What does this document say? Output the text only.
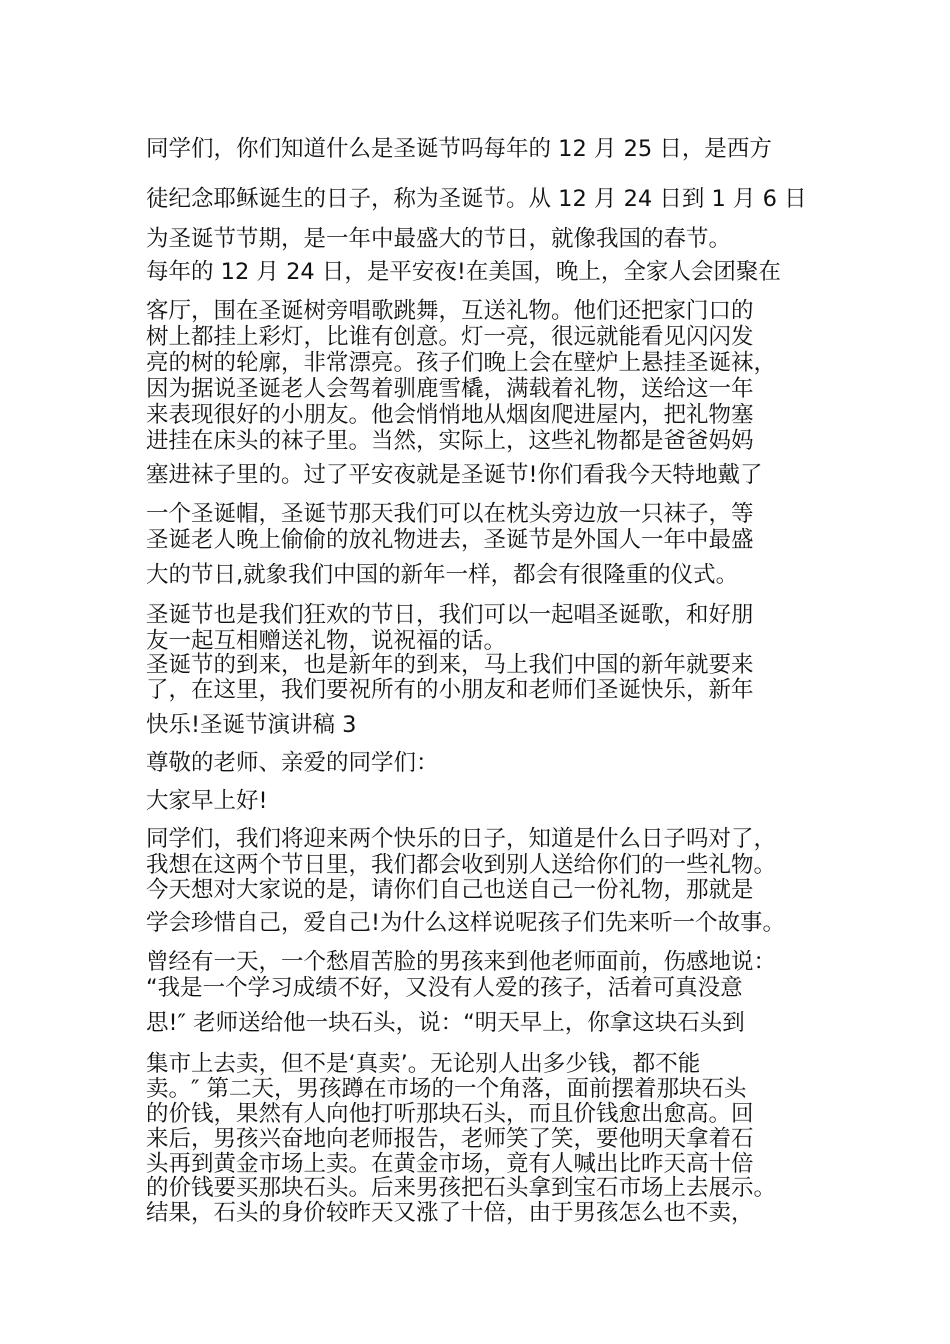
同学们，你们知道什么是圣诞节吗每年的 12 月 25 日，是西方
徒纪念耶稣诞生的日子，称为圣诞节。从 12 月 24 日到 1 月 6 日
为圣诞节节期，是一年中最盛大的节日，就像我国的春节。
每年的 12 月 24 日，是平安夜!在美国，晚上，全家人会团聚在
客厅，围在圣诞树旁唱歌跳舞，互送礼物。他们还把家门口的
树上都挂上彩灯，比谁有创意。灯一亮，很远就能看见闪闪发
亮的树的轮廓，非常漂亮。孩子们晚上会在壁炉上悬挂圣诞袜，
因为据说圣诞老人会驾着驯鹿雪橇，满载着礼物，送给这一年
来表现很好的小朋友。他会悄悄地从烟囱爬进屋内，把礼物塞
进挂在床头的袜子里。当然，实际上，这些礼物都是爸爸妈妈
塞进袜子里的。过了平安夜就是圣诞节!你们看我今天特地戴了
一个圣诞帽，圣诞节那天我们可以在枕头旁边放一只袜子，等
圣诞老人晚上偷偷的放礼物进去，圣诞节是外国人一年中最盛
大的节日,就象我们中国的新年一样，都会有很隆重的仪式。
圣诞节也是我们狂欢的节日，我们可以一起唱圣诞歌，和好朋
友一起互相赠送礼物，说祝福的话。
圣诞节的到来，也是新年的到来，马上我们中国的新年就要来
了，在这里，我们要祝所有的小朋友和老师们圣诞快乐，新年
快乐!圣诞节演讲稿 3
尊敬的老师、亲爱的同学们：
大家早上好!
同学们，我们将迎来两个快乐的日子，知道是什么日子吗对了，
我想在这两个节日里，我们都会收到别人送给你们的一些礼物。
今天想对大家说的是，请你们自己也送自己一份礼物，那就是
学会珍惜自己，爱自己!为什么这样说呢孩子们先来听一个故事。
曾经有一天，一个愁眉苦脸的男孩来到他老师面前，伤感地说：
“我是一个学习成绩不好，又没有人爱的孩子，活着可真没意
思!″ 老师送给他一块石头，说：“明天早上，你拿这块石头到
集市上去卖，但不是‘真卖’。无论别人出多少钱，都不能
卖。″ 第二天，男孩蹲在市场的一个角落，面前摆着那块石头
的价钱，果然有人向他打听那块石头，而且价钱愈出愈高。回
来后，男孩兴奋地向老师报告，老师笑了笑，要他明天拿着石
头再到黄金市场上卖。在黄金市场，竟有人喊出比昨天高十倍
的价钱要买那块石头。后来男孩把石头拿到宝石市场上去展示。
结果，石头的身价较昨天又涨了十倍，由于男孩怎么也不卖，
